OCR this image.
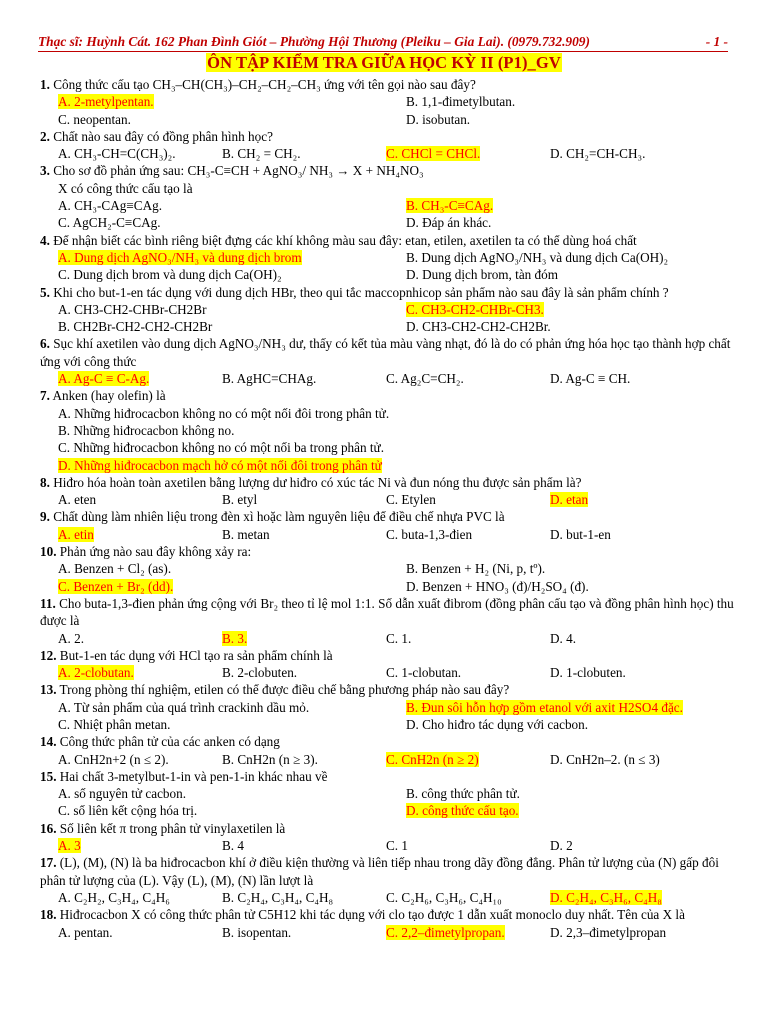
Thạc sĩ: Huỳnh Cát. 162 Phan Đình Giót – Phường Hội Thương (Pleiku – Gia Lai). (0979.732.909)	- 1 -
ÔN TẬP KIỂM TRA GIỮA HỌC KỲ II (P1)_GV
1. Công thức cấu tạo CH₃–CH(CH₃)–CH₂–CH₂–CH₃ ứng với tên gọi nào sau đây?
A. 2-metylpentan.	B. 1,1-đimetylbutan.
C. neopentan.	D. isobutan.
2. Chất nào sau đây có đồng phân hình học?
A. CH₃-CH=C(CH₃)₂.	B. CH₂ = CH₂.	C. CHCl = CHCl.	D. CH₂=CH-CH₃.
3. Cho sơ đồ phản ứng sau: CH₃-C≡CH + AgNO₃/ NH₃ → X + NH₄NO₃
X có công thức cấu tạo là
A. CH₃-CAg≡CAg.	B. CH₃-C≡CAg.
C. AgCH₂-C≡CAg.	D. Đáp án khác.
4. Để nhận biết các bình riêng biệt đựng các khí không màu sau đây: etan, etilen, axetilen ta có thể dùng hoá chất
A. Dung dịch AgNO₃/NH₃ và dung dịch brom	B. Dung dịch AgNO₃/NH₃ và dung dịch Ca(OH)₂
C. Dung dịch brom và dung dịch Ca(OH)₂	D. Dung dịch brom, tàn đóm
5. Khi cho but-1-en tác dụng với dung dịch HBr, theo qui tắc maccopnhicop sản phẩm nào sau đây là sản phẩm chính ?
A. CH3-CH2-CHBr-CH2Br	C. CH3-CH2-CHBr-CH3.
B. CH2Br-CH2-CH2-CH2Br	D. CH3-CH2-CH2-CH2Br.
6. Sục khí axetilen vào dung dịch AgNO₃/NH₃ dư, thấy có kết tủa màu vàng nhạt, đó là do có phản ứng hóa học tạo thành hợp chất ứng với công thức
A. Ag-C ≡ C-Ag.	B. AgHC=CHAg.	C. Ag₂C=CH₂.	D. Ag-C ≡ CH.
7. Anken (hay olefin) là
A. Những hiđrocacbon không no có một nối đôi trong phân tử.
B. Những hiđrocacbon không no.
C. Những hiđrocacbon không no có một nối ba trong phân tử.
D. Những hiđrocacbon mạch hở có một nối đôi trong phân tử
8. Hiđro hóa hoàn toàn axetilen bằng lượng dư hiđro có xúc tác Ni và đun nóng thu được sản phẩm là?
A. eten	B. etyl	C. Etylen	D. etan
9. Chất dùng làm nhiên liệu trong đèn xì hoặc làm nguyên liệu để điều chế nhựa PVC là
A. etin	B. metan	C. buta-1,3-đien	D. but-1-en
10. Phản ứng nào sau đây không xảy ra:
A. Benzen + Cl₂ (as).	B. Benzen + H₂ (Ni, p, tº).
C. Benzen + Br₂ (dd).	D. Benzen + HNO₃ (đ)/H₂SO₄ (đ).
11. Cho buta-1,3-đien phản ứng cộng với Br₂ theo tỉ lệ mol 1:1. Số dẫn xuất đibrom (đồng phân cấu tạo và đồng phân hình học) thu được là
A. 2.	B. 3.	C. 1.	D. 4.
12. But-1-en tác dụng với HCl tạo ra sản phẩm chính là
A. 2-clobutan.	B. 2-clobuten.	C. 1-clobutan.	D. 1-clobuten.
13. Trong phòng thí nghiệm, etilen có thể được điều chế bằng phương pháp nào sau đây?
A. Từ sản phẩm của quá trình crackinh dầu mỏ.	B. Đun sôi hỗn hợp gồm etanol với axit H2SO4 đặc.
C. Nhiệt phân metan.	D. Cho hiđro tác dụng với cacbon.
14. Công thức phân tử của các anken có dạng
A. CnH2n+2 (n ≤ 2).	B. CnH2n (n ≥ 3).	C. CnH2n (n ≥ 2)	D. CnH2n–2. (n ≤ 3)
15. Hai chất 3-metylbut-1-in và pen-1-in khác nhau về
A. số nguyên tử cacbon.	B. công thức phân tử.
C. số liên kết cộng hóa trị.	D. công thức cấu tạo.
16. Số liên kết π trong phân tử vinylaxetilen là
A. 3	B. 4	C. 1	D. 2
17. (L), (M), (N) là ba hiđrocacbon khí ở điều kiện thường và liên tiếp nhau trong dãy đồng đẳng. Phân tử lượng của (N) gấp đôi phân tử lượng của (L). Vậy (L), (M), (N) lần lượt là
A. C₂H₂, C₃H₄, C₄H₆	B. C₂H₄, C₃H₄, C₄H₈	C. C₂H₆, C₃H₆, C₄H₁₀	D. C₂H₄, C₃H₆, C₄H₈
18. Hiđrocacbon X có công thức phân tử C5H12 khi tác dụng với clo tạo được 1 dẫn xuất monoclo duy nhất. Tên của X là
A. pentan.	B. isopentan.	C. 2,2–đimetylpropan.	D. 2,3–đimetylpropan
